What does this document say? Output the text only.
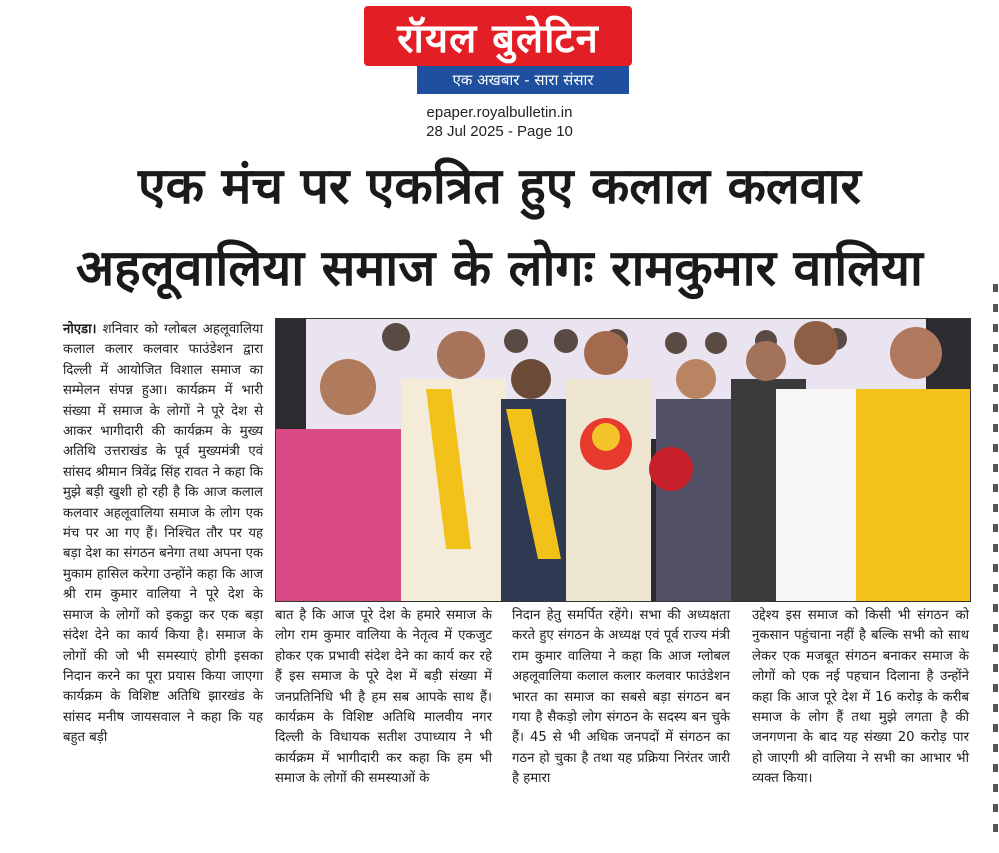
रॉयल बुलेटिन
एक अखबार - सारा संसार
epaper.royalbulletin.in
28 Jul 2025 - Page 10
एक मंच पर एकत्रित हुए कलाल कलवार
अहलूवालिया समाज के लोगः रामकुमार वालिया

नोएडा। शनिवार को ग्लोबल अहलूवालिया कलाल कलार कलवार फाउंडेशन द्वारा दिल्ली में आयोजित विशाल समाज का सम्मेलन संपन्न हुआ। कार्यक्रम में भारी संख्या में समाज के लोगों ने पूरे देश से आकर भागीदारी की कार्यक्रम के मुख्य अतिथि उत्तराखंड के पूर्व मुख्यमंत्री एवं सांसद श्रीमान त्रिवेंद्र सिंह रावत ने कहा कि मुझे बड़ी खुशी हो रही है कि आज कलाल कलवार अहलूवालिया समाज के लोग एक मंच पर आ गए हैं। निश्चित तौर पर यह बड़ा देश का संगठन बनेगा तथा अपना एक मुकाम हासिल करेगा उन्होंने कहा कि आज श्री राम कुमार वालिया ने पूरे देश के समाज के लोगों को इकट्ठा कर एक बड़ा संदेश देने का कार्य किया है। समाज के लोगों की जो भी समस्याएं होगी इसका निदान करने का पूरा प्रयास किया जाएगा कार्यक्रम के विशिष्ट अतिथि झारखंड के सांसद मनीष जायसवाल ने कहा कि यह बहुत बड़ी

बात है कि आज पूरे देश के हमारे समाज के लोग राम कुमार वालिया के नेतृत्व में एकजुट होकर एक प्रभावी संदेश देने का कार्य कर रहे हैं इस समाज के पूरे देश में बड़ी संख्या में जनप्रतिनिधि भी है हम सब आपके साथ हैं। कार्यक्रम के विशिष्ट अतिथि मालवीय नगर दिल्ली के विधायक सतीश उपाध्याय ने भी कार्यक्रम में भागीदारी कर कहा कि हम भी समाज के लोगों की समस्याओं के

निदान हेतु समर्पित रहेंगे। सभा की अध्यक्षता करते हुए संगठन के अध्यक्ष एवं पूर्व राज्य मंत्री राम कुमार वालिया ने कहा कि आज ग्लोबल अहलूवालिया कलाल कलार कलवार फाउंडेशन भारत का समाज का सबसे बड़ा संगठन बन गया है सैकड़ो लोग संगठन के सदस्य बन चुके हैं। 45 से भी अधिक जनपदों में संगठन का गठन हो चुका है तथा यह प्रक्रिया निरंतर जारी है हमारा

उद्देश्य इस समाज को किसी भी संगठन को नुकसान पहुंचाना नहीं है बल्कि सभी को साथ लेकर एक मजबूत संगठन बनाकर समाज के लोगों को एक नई पहचान दिलाना है उन्होंने कहा कि आज पूरे देश में 16 करोड़ के करीब समाज के लोग हैं तथा मुझे लगता है की जनगणना के बाद यह संख्या 20 करोड़ पार हो जाएगी श्री वालिया ने सभी का आभार भी व्यक्त किया।
